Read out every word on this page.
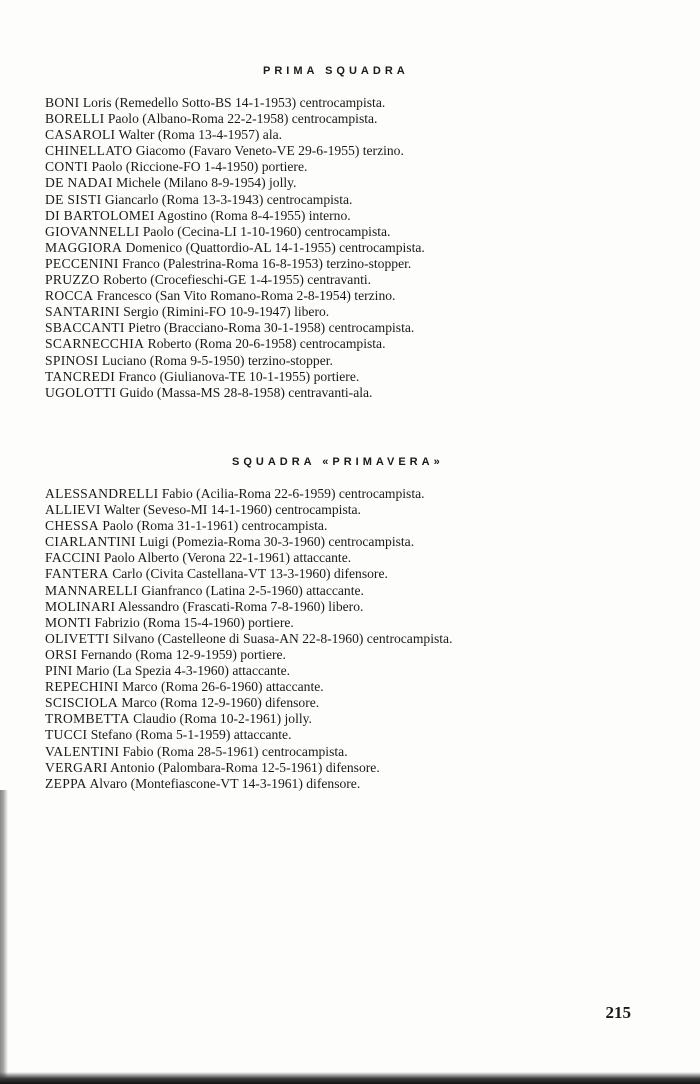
PRIMA SQUADRA
BONI Loris (Remedello Sotto-BS 14-1-1953) centrocampista.
BORELLI Paolo (Albano-Roma 22-2-1958) centrocampista.
CASAROLI Walter (Roma 13-4-1957) ala.
CHINELLATO Giacomo (Favaro Veneto-VE 29-6-1955) terzino.
CONTI Paolo (Riccione-FO 1-4-1950) portiere.
DE NADAI Michele (Milano 8-9-1954) jolly.
DE SISTI Giancarlo (Roma 13-3-1943) centrocampista.
DI BARTOLOMEI Agostino (Roma 8-4-1955) interno.
GIOVANNELLI Paolo (Cecina-LI 1-10-1960) centrocampista.
MAGGIORA Domenico (Quattordio-AL 14-1-1955) centrocampista.
PECCENINI Franco (Palestrina-Roma 16-8-1953) terzino-stopper.
PRUZZO Roberto (Crocefieschi-GE 1-4-1955) centravanti.
ROCCA Francesco (San Vito Romano-Roma 2-8-1954) terzino.
SANTARINI Sergio (Rimini-FO 10-9-1947) libero.
SBACCANTI Pietro (Bracciano-Roma 30-1-1958) centrocampista.
SCARNECCHIA Roberto (Roma 20-6-1958) centrocampista.
SPINOSI Luciano (Roma 9-5-1950) terzino-stopper.
TANCREDI Franco (Giulianova-TE 10-1-1955) portiere.
UGOLOTTI Guido (Massa-MS 28-8-1958) centravanti-ala.
SQUADRA «PRIMAVERA»
ALESSANDRELLI Fabio (Acilia-Roma 22-6-1959) centrocampista.
ALLIEVI Walter (Seveso-MI 14-1-1960) centrocampista.
CHESSA Paolo (Roma 31-1-1961) centrocampista.
CIARLANTINI Luigi (Pomezia-Roma 30-3-1960) centrocampista.
FACCINI Paolo Alberto (Verona 22-1-1961) attaccante.
FANTERA Carlo (Civita Castellana-VT 13-3-1960) difensore.
MANNARELLI Gianfranco (Latina 2-5-1960) attaccante.
MOLINARI Alessandro (Frascati-Roma 7-8-1960) libero.
MONTI Fabrizio (Roma 15-4-1960) portiere.
OLIVETTI Silvano (Castelleone di Suasa-AN 22-8-1960) centrocampista.
ORSI Fernando (Roma 12-9-1959) portiere.
PINI Mario (La Spezia 4-3-1960) attaccante.
REPECHINI Marco (Roma 26-6-1960) attaccante.
SCISCIOLA Marco (Roma 12-9-1960) difensore.
TROMBETTA Claudio (Roma 10-2-1961) jolly.
TUCCI Stefano (Roma 5-1-1959) attaccante.
VALENTINI Fabio (Roma 28-5-1961) centrocampista.
VERGARI Antonio (Palombara-Roma 12-5-1961) difensore.
ZEPPA Alvaro (Montefiascone-VT 14-3-1961) difensore.
215
